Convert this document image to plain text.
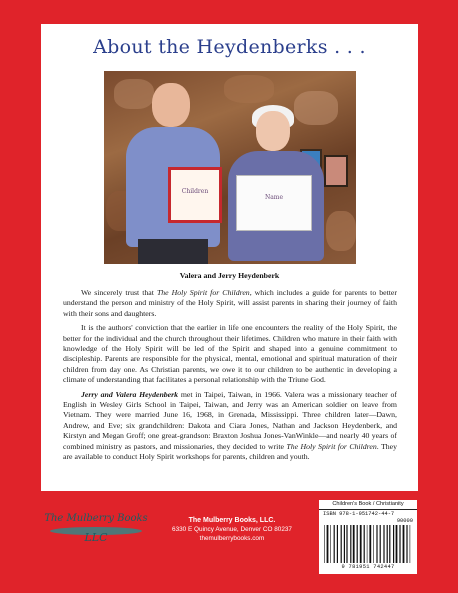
About the Heydenberks . . .
Children
Name
Valera and Jerry Heydenberk

We sincerely trust that The Holy Spirit for Children, which includes a guide for parents to better understand the person and ministry of the Holy Spirit, will assist parents in sharing their journey of faith with their sons and daughters.

It is the authors' conviction that the earlier in life one encounters the reality of the Holy Spirit, the better for the individual and the church throughout their lifetimes. Children who mature in their faith with knowledge of the Holy Spirit will be led of the Spirit and shaped into a genuine commitment to discipleship. Parents are responsible for the physical, mental, emotional and spiritual maturation of their children from day one. As Christian parents, we owe it to our children to be authentic in developing a climate of understanding that facilitates a personal relationship with the Triune God.

Jerry and Valera Heydenberk met in Taipei, Taiwan, in 1966. Valera was a missionary teacher of English in Wesley Girls School in Taipei, Taiwan, and Jerry was an American soldier on leave from Vietnam. They were married June 16, 1968, in Grenada, Mississippi. Three children later—Dawn, Andrew, and Eve; six grandchildren: Dakota and Ciara Jones, Nathan and Jackson Heydenberk, and Kirstyn and Megan Groff; one great-grandson: Braxton Joshua Jones-VanWinkle—and nearly 40 years of combined ministry as pastors, and missionaries, they decided to write The Holy Spirit for Children. They are available to conduct Holy Spirit workshops for parents, children and youth.

The Mulberry Books
LLC
The Mulberry Books, LLC.
6330 E Quincy Avenue, Denver CO 80237
themulberrybooks.com
Children's Book / Christianity
ISBN 978-1-951742-44-7
90000
9 781951 742447
